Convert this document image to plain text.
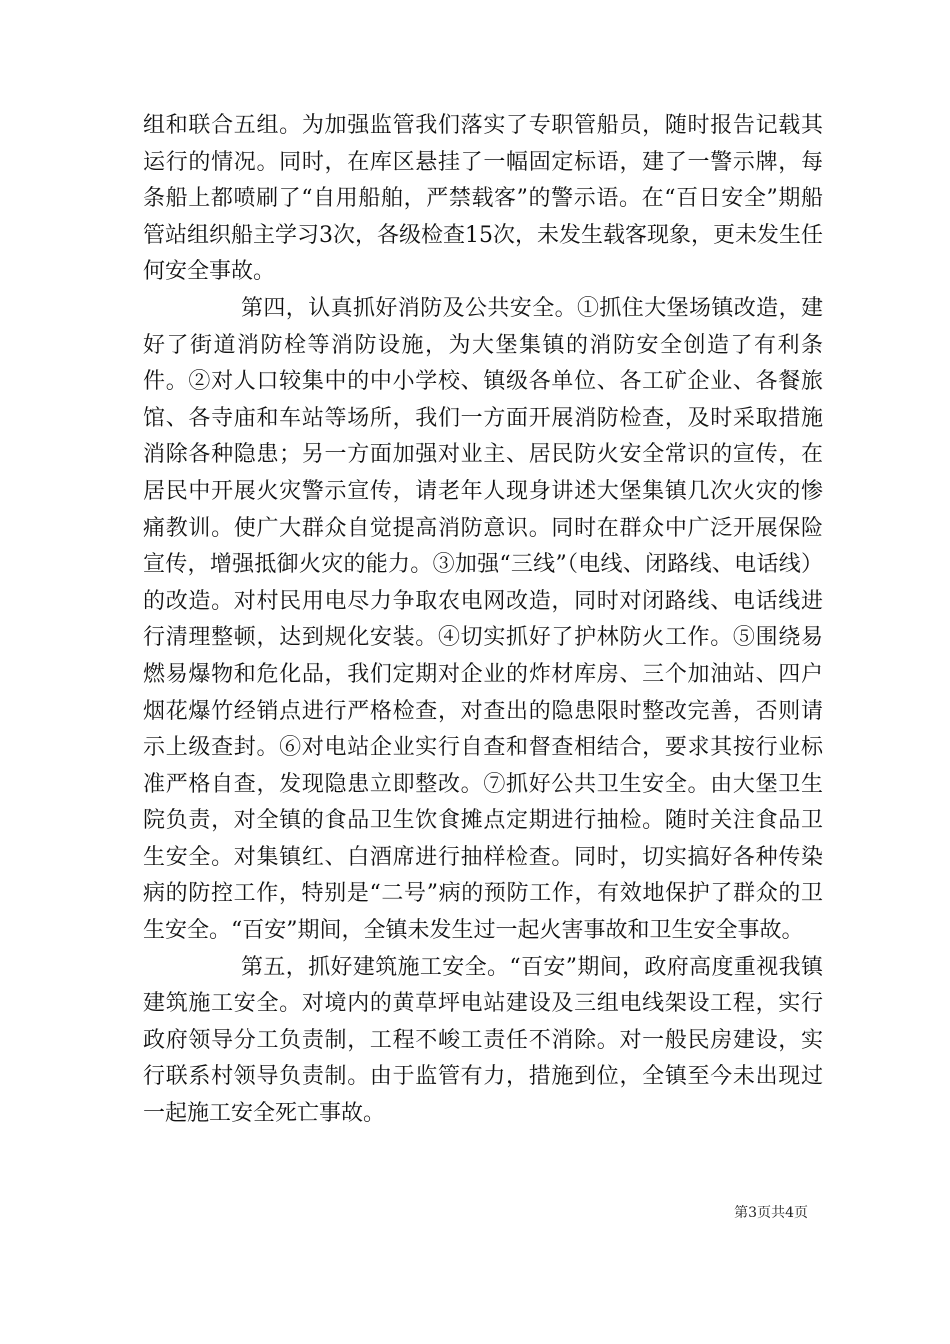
组和联合五组。为加强监管我们落实了专职管船员，随时报告记载其运行的情况。同时，在库区悬挂了一幅固定标语，建了一警示牌，每条船上都喷刷了“自用船舶，严禁载客”的警示语。在“百日安全”期船管站组织船主学习3次，各级检查15次，未发生载客现象，更未发生任何安全事故。

第四，认真抓好消防及公共安全。①抓住大堡场镇改造，建好了街道消防栓等消防设施，为大堡集镇的消防安全创造了有利条件。②对人口较集中的中小学校、镇级各单位、各工矿企业、各餐旅馆、各寺庙和车站等场所，我们一方面开展消防检查，及时采取措施消除各种隐患；另一方面加强对业主、居民防火安全常识的宣传，在居民中开展火灾警示宣传，请老年人现身讲述大堡集镇几次火灾的惨痛教训。使广大群众自觉提高消防意识。同时在群众中广泛开展保险宣传，增强抵御火灾的能力。③加强“三线”（电线、闭路线、电话线）的改造。对村民用电尽力争取农电网改造，同时对闭路线、电话线进行清理整顿，达到规化安装。④切实抓好了护林防火工作。⑤围绕易燃易爆物和危化品，我们定期对企业的炸材库房、三个加油站、四户烟花爆竹经销点进行严格检查，对查出的隐患限时整改完善，否则请示上级查封。⑥对电站企业实行自查和督查相结合，要求其按行业标准严格自查，发现隐患立即整改。⑦抓好公共卫生安全。由大堡卫生院负责，对全镇的食品卫生饮食摊点定期进行抽检。随时关注食品卫生安全。对集镇红、白酒席进行抽样检查。同时，切实搞好各种传染病的防控工作，特别是“二号”病的预防工作，有效地保护了群众的卫生安全。“百安”期间，全镇未发生过一起火害事故和卫生安全事故。

第五，抓好建筑施工安全。“百安”期间，政府高度重视我镇建筑施工安全。对境内的黄草坪电站建设及三组电线架设工程，实行政府领导分工负责制，工程不峻工责任不消除。对一般民房建设，实行联系村领导负责制。由于监管有力，措施到位，全镇至今未出现过一起施工安全死亡事故。

第3页共4页
